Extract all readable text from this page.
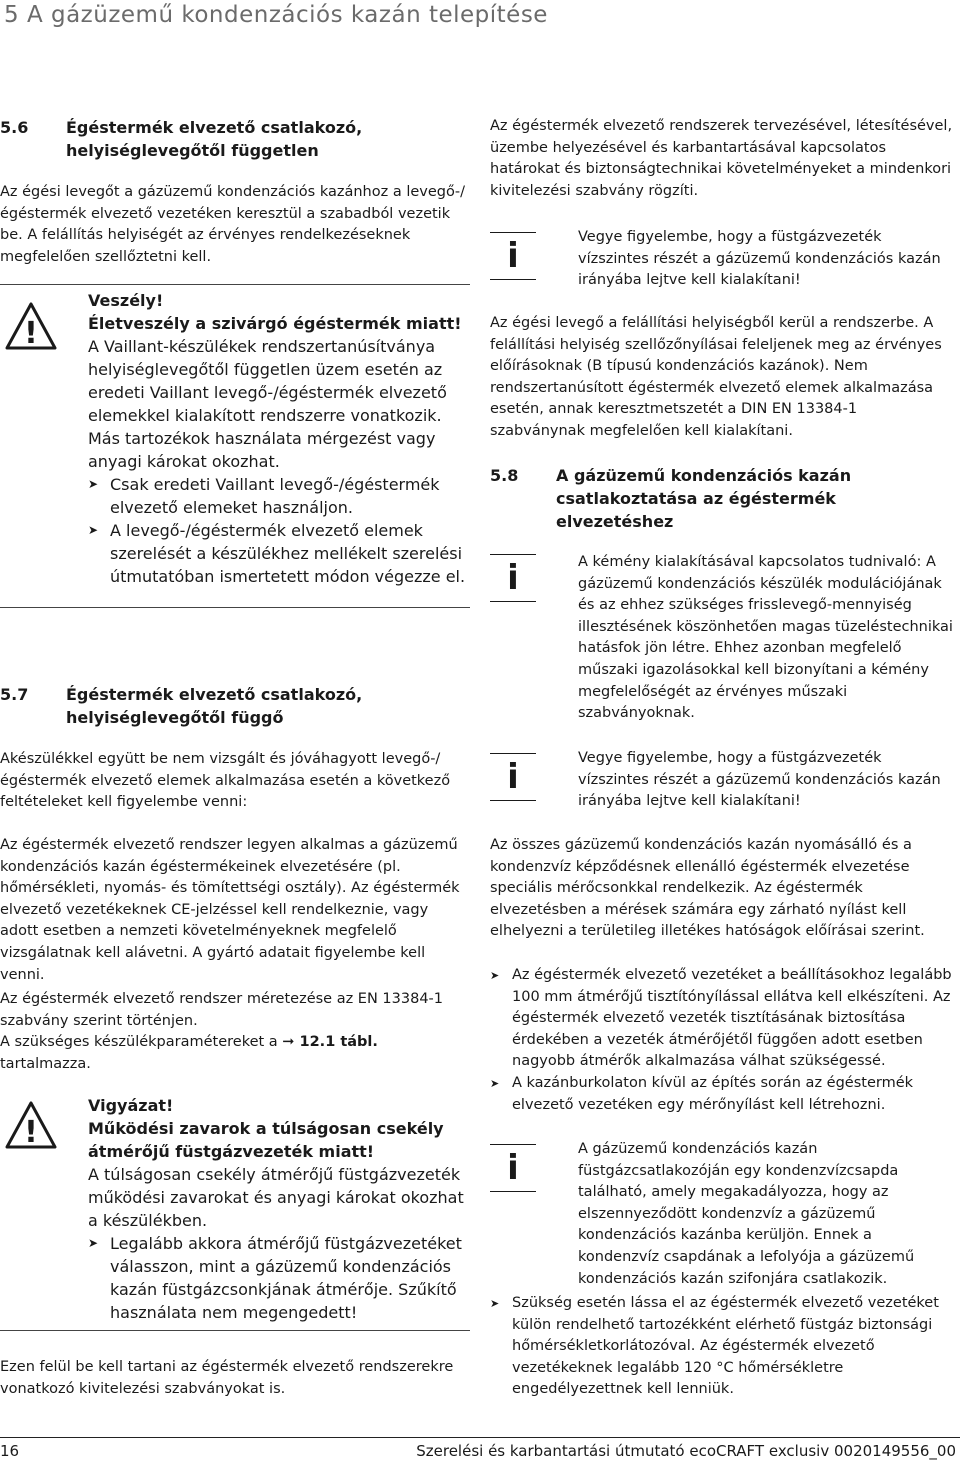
5 A gázüzemű kondenzációs kazán telepítése
5.6	Égéstermék elvezető csatlakozó, helyiséglevegőtől független

Az égési levegőt a gázüzemű kondenzációs kazánhoz a levegő-/égéstermék elvezető vezetéken keresztül a szabadból vezetik be. A felállítás helyiségét az érvényes rendelkezéseknek megfelelően szellőztetni kell.

!
Veszély!
Életveszély a szivárgó égéstermék miatt!
A Vaillant-készülékek rendszertanúsítványa helyiséglevegőtől független üzem esetén az eredeti Vaillant levegő-/égéstermék elvezető elemekkel kialakított rendszerre vonatkozik. Más tartozékok használata mérgezést vagy anyagi károkat okozhat.
➤ Csak eredeti Vaillant levegő-/égéstermék elvezető elemeket használjon.
➤ A levegő-/égéstermék elvezető elemek szerelését a készülékhez mellékelt szerelési útmutatóban ismertetett módon végezze el.
5.7	Égéstermék elvezető csatlakozó, helyiséglevegőtől függő

Akészülékkel együtt be nem vizsgált és jóváhagyott levegő-/égéstermék elvezető elemek alkalmazása esetén a következő feltételeket kell figyelembe venni:

Az égéstermék elvezető rendszer legyen alkalmas a gázüzemű kondenzációs kazán égéstermékeinek elvezetésére (pl. hőmérsékleti, nyomás- és tömítettségi osztály). Az égéstermék elvezető vezetékeknek CE-jelzéssel kell rendelkeznie, vagy adott esetben a nemzeti követelményeknek megfelelő vizsgálatnak kell alávetni. A gyártó adatait figyelembe kell venni.

Az égéstermék elvezető rendszer méretezése az EN 13384-1 szabvány szerint történjen.

A szükséges készülékparamétereket a ➞ 12.1 tábl. tartalmazza.

!
Vigyázat!
Működési zavarok a túlságosan csekély átmérőjű füstgázvezeték miatt!
A túlságosan csekély átmérőjű füstgázvezeték működési zavarokat és anyagi károkat okozhat a készülékben.
➤ Legalább akkora átmérőjű füstgázvezetéket válasszon, mint a gázüzemű kondenzációs kazán füstgázcsonkjának átmérője. Szűkítő használata nem megengedett!

Ezen felül be kell tartani az égéstermék elvezető rendszerekre vonatkozó kivitelezési szabványokat is.

Az égéstermék elvezető rendszerek tervezésével, létesítésével, üzembe helyezésével és karbantartásával kapcsolatos határokat és biztonságtechnikai követelményeket a mindenkori kivitelezési szabvány rögzíti.

i	Vegye figyelembe, hogy a füstgázvezeték vízszintes részét a gázüzemű kondenzációs kazán irányába lejtve kell kialakítani!

Az égési levegő a felállítási helyiségből kerül a rendszerbe. A felállítási helyiség szellőzőnyílásai feleljenek meg az érvényes előírásoknak (B típusú kondenzációs kazánok). Nem rendszertanúsított égéstermék elvezető elemek alkalmazása esetén, annak keresztmetszetét a DIN EN 13384-1 szabványnak megfelelően kell kialakítani.

5.8	A gázüzemű kondenzációs kazán csatlakoztatása az égéstermék elvezetéshez
i	A kémény kialakításával kapcsolatos tudnivaló: A gázüzemű kondenzációs készülék modulációjának és az ehhez szükséges frisslevegő-mennyiség illesztésének köszönhetően magas tüzeléstechnikai hatásfok jön létre. Ehhez azonban megfelelő műszaki igazolásokkal kell bizonyítani a kémény megfelelőségét az érvényes műszaki szabványoknak.
i	Vegye figyelembe, hogy a füstgázvezeték vízszintes részét a gázüzemű kondenzációs kazán irányába lejtve kell kialakítani!

Az összes gázüzemű kondenzációs kazán nyomásálló és a kondenzvíz képződésnek ellenálló égéstermék elvezetése speciális mérőcsonkkal rendelkezik. Az égéstermék elvezetésben a mérések számára egy zárható nyílást kell elhelyezni a területileg illetékes hatóságok előírásai szerint.

➤ Az égéstermék elvezető vezetéket a beállításokhoz legalább 100 mm átmérőjű tisztítónyílással ellátva kell elkészíteni. Az égéstermék elvezető vezeték tisztításának biztosítása érdekében a vezeték átmérőjétől függően adott esetben nagyobb átmérők alkalmazása válhat szükségessé.
➤ A kazánburkolaton kívül az építés során az égéstermék elvezető vezetéken egy mérőnyílást kell létrehozni.
i	A gázüzemű kondenzációs kazán füstgázcsatlakozóján egy kondenzvízcsapda található, amely megakadályozza, hogy az elszennyeződött kondenzvíz a gázüzemű kondenzációs kazánba kerüljön. Ennek a kondenzvíz csapdának a lefolyója a gázüzemű kondenzációs kazán szifonjára csatlakozik.
➤ Szükség esetén lássa el az égéstermék elvezető vezetéket külön rendelhető tartozékként elérhető füstgáz biztonsági hőmérsékletkorlátozóval. Az égéstermék elvezető vezetékeknek legalább 120 °C hőmérsékletre engedélyezettnek kell lenniük.
16	Szerelési és karbantartási útmutató ecoCRAFT exclusiv 0020149556_00
